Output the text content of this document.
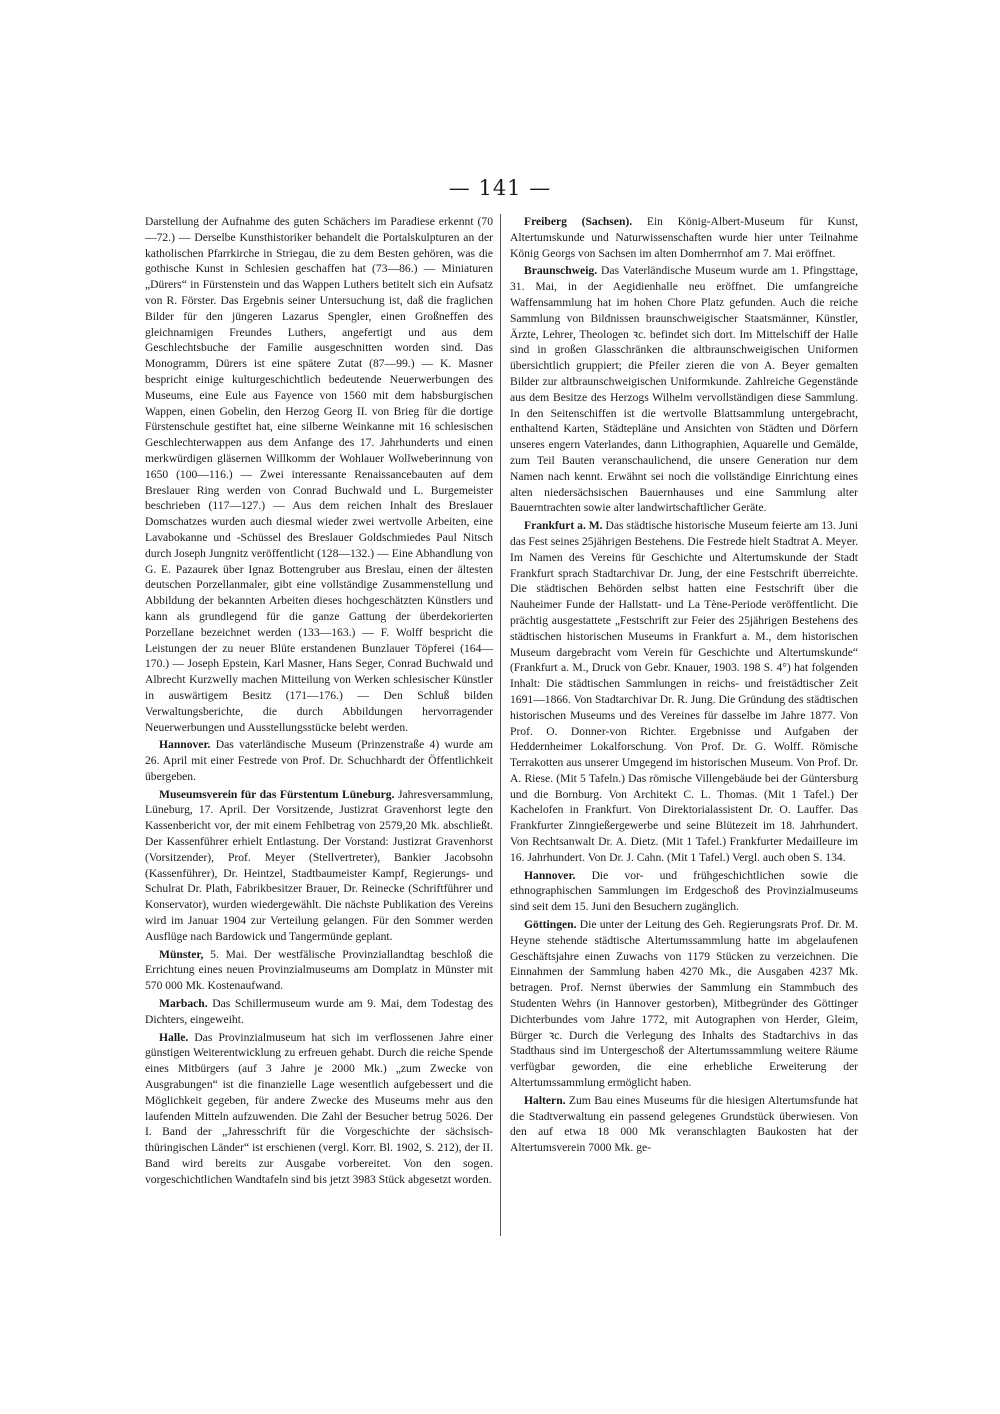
— 141 —

Darstellung der Aufnahme des guten Schächers im Paradiese erkennt (70—72.) — Derselbe Kunsthistoriker behandelt die Portalskulpturen an der katholischen Pfarrkirche in Striegau, die zu dem Besten gehören, was die gothische Kunst in Schlesien geschaffen hat (73—86.) — Miniaturen „Dürers“ in Fürstenstein und das Wappen Luthers betitelt sich ein Aufsatz von R. Förster. Das Ergebnis seiner Untersuchung ist, daß die fraglichen Bilder für den jüngeren Lazarus Spengler, einen Großneffen des gleichnamigen Freundes Luthers, angefertigt und aus dem Geschlechtsbuche der Familie ausgeschnitten worden sind. Das Monogramm, Dürers ist eine spätere Zutat (87—99.) — K. Masner bespricht einige kulturgeschichtlich bedeutende Neuerwerbungen des Museums, eine Eule aus Fayence von 1560 mit dem habsburgischen Wappen, einen Gobelin, den Herzog Georg II. von Brieg für die dortige Fürstenschule gestiftet hat, eine silberne Weinkanne mit 16 schlesischen Geschlechterwappen aus dem Anfange des 17. Jahrhunderts und einen merkwürdigen gläsernen Willkomm der Wohlauer Wollweberinnung von 1650 (100—116.) — Zwei interessante Renaissancebauten auf dem Breslauer Ring werden von Conrad Buchwald und L. Burgemeister beschrieben (117—127.) — Aus dem reichen Inhalt des Breslauer Domschatzes wurden auch diesmal wieder zwei wertvolle Arbeiten, eine Lavabokanne und -Schüssel des Breslauer Goldschmiedes Paul Nitsch durch Joseph Jungnitz veröffentlicht (128—132.) — Eine Abhandlung von G. E. Pazaurek über Ignaz Bottengruber aus Breslau, einen der ältesten deutschen Porzellanmaler, gibt eine vollständige Zusammenstellung und Abbildung der bekannten Arbeiten dieses hochgeschätzten Künstlers und kann als grundlegend für die ganze Gattung der überdekorierten Porzellane bezeichnet werden (133—163.) — F. Wolff bespricht die Leistungen der zu neuer Blüte erstandenen Bunzlauer Töpferei (164—170.) — Joseph Epstein, Karl Masner, Hans Seger, Conrad Buchwald und Albrecht Kurzwelly machen Mitteilung von Werken schlesischer Künstler in auswärtigem Besitz (171—176.) — Den Schluß bilden Verwaltungsberichte, die durch Abbildungen hervorragender Neuerwerbungen und Ausstellungsstücke belebt werden.

Hannover. Das vaterländische Museum (Prinzenstraße 4) wurde am 26. April mit einer Festrede von Prof. Dr. Schuchhardt der Öffentlichkeit übergeben.

Museumsverein für das Fürstentum Lüneburg. Jahresversammlung, Lüneburg, 17. April. Der Vorsitzende, Justizrat Gravenhorst legte den Kassenbericht vor, der mit einem Fehlbetrag von 2579,20 Mk. abschließt. Der Kassenführer erhielt Entlastung. Der Vorstand: Justizrat Gravenhorst (Vorsitzender), Prof. Meyer (Stellvertreter), Bankier Jacobsohn (Kassenführer), Dr. Heintzel, Stadtbaumeister Kampf, Regierungs- und Schulrat Dr. Plath, Fabrikbesitzer Brauer, Dr. Reinecke (Schriftführer und Konservator), wurden wiedergewählt. Die nächste Publikation des Vereins wird im Januar 1904 zur Verteilung gelangen. Für den Sommer werden Ausflüge nach Bardowick und Tangermünde geplant.

Münster, 5. Mai. Der westfälische Provinziallandtag beschloß die Errichtung eines neuen Provinzialmuseums am Domplatz in Münster mit 570 000 Mk. Kostenaufwand.

Marbach. Das Schillermuseum wurde am 9. Mai, dem Todestag des Dichters, eingeweiht.

Halle. Das Provinzialmuseum hat sich im verflossenen Jahre einer günstigen Weiterentwicklung zu erfreuen gehabt. Durch die reiche Spende eines Mitbürgers (auf 3 Jahre je 2000 Mk.) „zum Zwecke von Ausgrabungen“ ist die finanzielle Lage wesentlich aufgebessert und die Möglichkeit gegeben, für andere Zwecke des Museums mehr aus den laufenden Mitteln aufzuwenden. Die Zahl der Besucher betrug 5026. Der I. Band der „Jahresschrift für die Vorgeschichte der sächsisch-thüringischen Länder“ ist erschienen (vergl. Korr. Bl. 1902, S. 212), der II. Band wird bereits zur Ausgabe vorbereitet. Von den sogen. vorgeschichtlichen Wandtafeln sind bis jetzt 3983 Stück abgesetzt worden.

Freiberg (Sachsen). Ein König-Albert-Museum für Kunst, Altertumskunde und Naturwissenschaften wurde hier unter Teilnahme König Georgs von Sachsen im alten Domherrnhof am 7. Mai eröffnet.

Braunschweig. Das Vaterländische Museum wurde am 1. Pfingsttage, 31. Mai, in der Aegidienhalle neu eröffnet. Die umfangreiche Waffensammlung hat im hohen Chore Platz gefunden. Auch die reiche Sammlung von Bildnissen braunschweigischer Staatsmänner, Künstler, Ärzte, Lehrer, Theologen ꝛc. befindet sich dort. Im Mittelschiff der Halle sind in großen Glasschränken die altbraunschweigischen Uniformen übersichtlich gruppiert; die Pfeiler zieren die von A. Beyer gemalten Bilder zur altbraunschweigischen Uniformkunde. Zahlreiche Gegenstände aus dem Besitze des Herzogs Wilhelm vervollständigen diese Sammlung. In den Seitenschiffen ist die wertvolle Blattsammlung untergebracht, enthaltend Karten, Städtepläne und Ansichten von Städten und Dörfern unseres engern Vaterlandes, dann Lithographien, Aquarelle und Gemälde, zum Teil Bauten veranschaulichend, die unsere Generation nur dem Namen nach kennt. Erwähnt sei noch die vollständige Einrichtung eines alten niedersächsischen Bauernhauses und eine Sammlung alter Bauerntrachten sowie alter landwirtschaftlicher Geräte.

Frankfurt a. M. Das städtische historische Museum feierte am 13. Juni das Fest seines 25jährigen Bestehens. Die Festrede hielt Stadtrat A. Meyer. Im Namen des Vereins für Geschichte und Altertumskunde der Stadt Frankfurt sprach Stadtarchivar Dr. Jung, der eine Festschrift überreichte. Die städtischen Behörden selbst hatten eine Festschrift über die Nauheimer Funde der Hallstatt- und La Tène-Periode veröffentlicht. Die prächtig ausgestattete „Festschrift zur Feier des 25jährigen Bestehens des städtischen historischen Museums in Frankfurt a. M., dem historischen Museum dargebracht vom Verein für Geschichte und Altertumskunde“ (Frankfurt a. M., Druck von Gebr. Knauer, 1903. 198 S. 4°) hat folgenden Inhalt: Die städtischen Sammlungen in reichs- und freistädtischer Zeit 1691—1866. Von Stadtarchivar Dr. R. Jung. Die Gründung des städtischen historischen Museums und des Vereines für dasselbe im Jahre 1877. Von Prof. O. Donner-von Richter. Ergebnisse und Aufgaben der Heddernheimer Lokalforschung. Von Prof. Dr. G. Wolff. Römische Terrakotten aus unserer Umgegend im historischen Museum. Von Prof. Dr. A. Riese. (Mit 5 Tafeln.) Das römische Villengebäude bei der Güntersburg und die Bornburg. Von Architekt C. L. Thomas. (Mit 1 Tafel.) Der Kachelofen in Frankfurt. Von Direktorialassistent Dr. O. Lauffer. Das Frankfurter Zinngießergewerbe und seine Blütezeit im 18. Jahrhundert. Von Rechtsanwalt Dr. A. Dietz. (Mit 1 Tafel.) Frankfurter Medailleure im 16. Jahrhundert. Von Dr. J. Cahn. (Mit 1 Tafel.) Vergl. auch oben S. 134.

Hannover. Die vor- und frühgeschichtlichen sowie die ethnographischen Sammlungen im Erdgeschoß des Provinzialmuseums sind seit dem 15. Juni den Besuchern zugänglich.

Göttingen. Die unter der Leitung des Geh. Regierungsrats Prof. Dr. M. Heyne stehende städtische Altertumssammlung hatte im abgelaufenen Geschäftsjahre einen Zuwachs von 1179 Stücken zu verzeichnen. Die Einnahmen der Sammlung haben 4270 Mk., die Ausgaben 4237 Mk. betragen. Prof. Nernst überwies der Sammlung ein Stammbuch des Studenten Wehrs (in Hannover gestorben), Mitbegründer des Göttinger Dichterbundes vom Jahre 1772, mit Autographen von Herder, Gleim, Bürger ꝛc. Durch die Verlegung des Inhalts des Stadtarchivs in das Stadthaus sind im Untergeschoß der Altertumssammlung weitere Räume verfügbar geworden, die eine erhebliche Erweiterung der Altertumssammlung ermöglicht haben.

Haltern. Zum Bau eines Museums für die hiesigen Altertumsfunde hat die Stadtverwaltung ein passend gelegenes Grundstück überwiesen. Von den auf etwa 18 000 Mk veranschlagten Baukosten hat der Altertumsverein 7000 Mk. ge-
